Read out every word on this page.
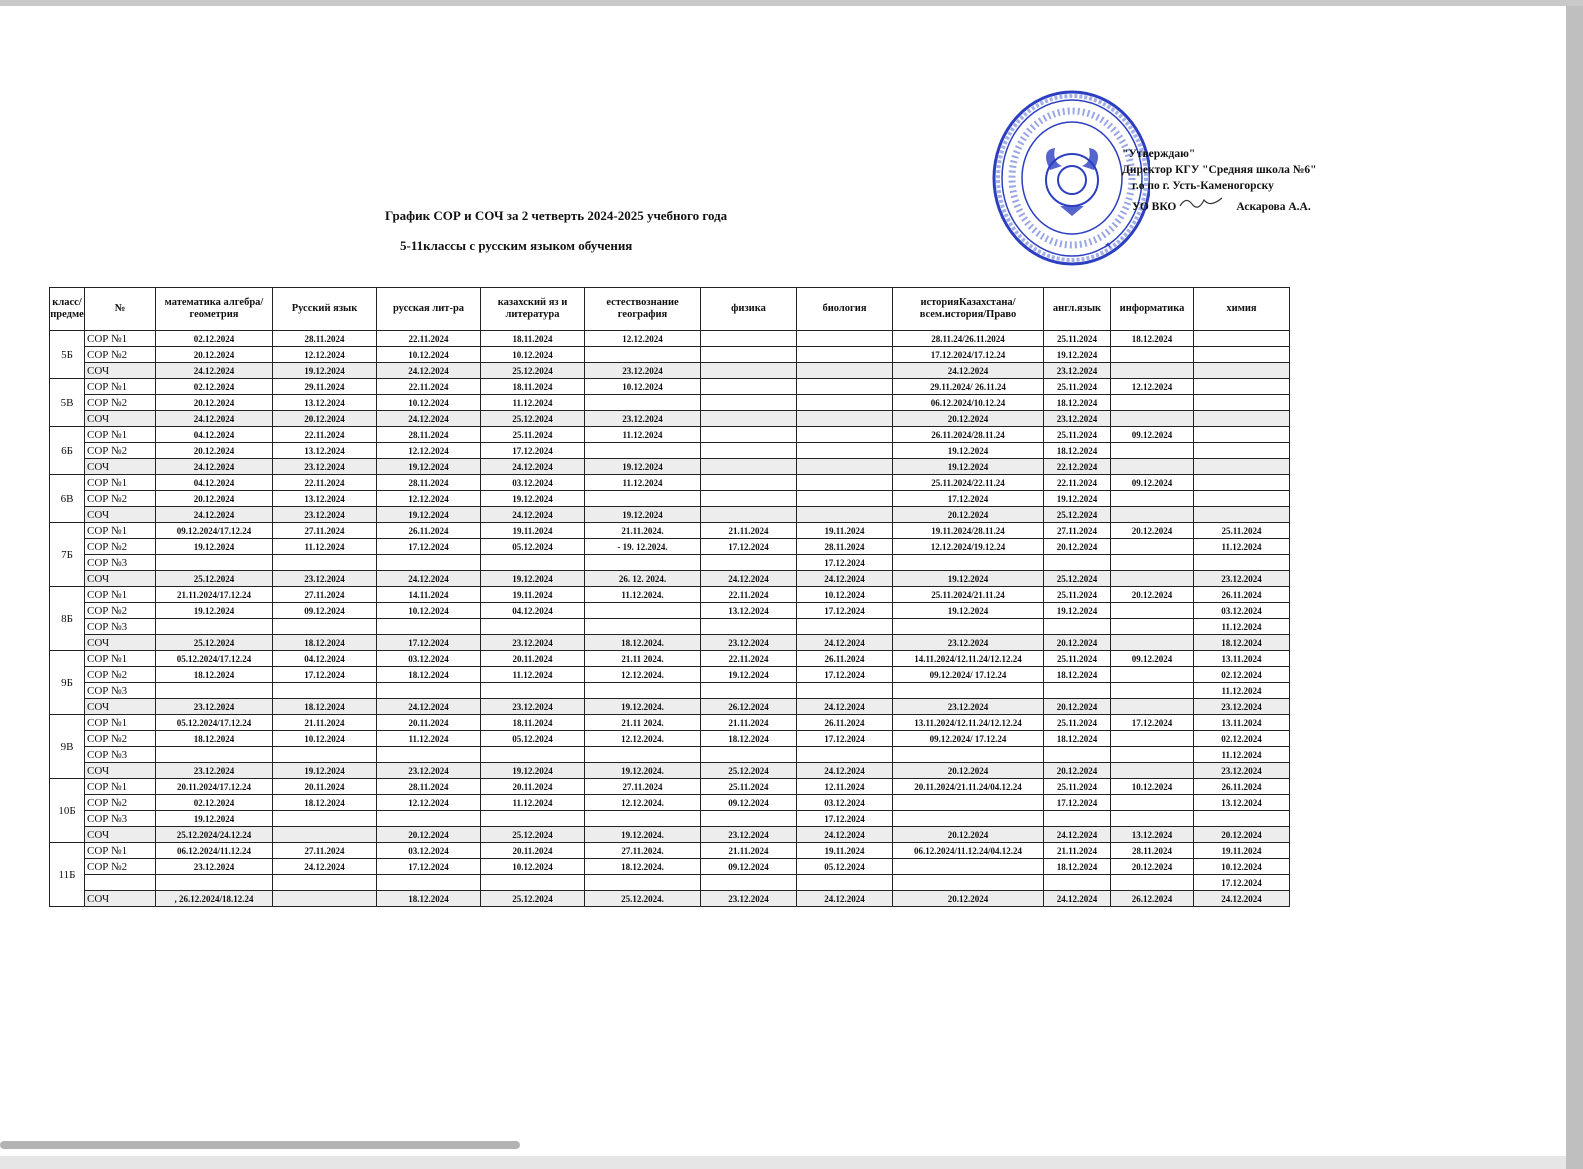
"Утверждаю"
Директор КГУ "Средняя школа №6"
г.о по г. Усть-Каменогорску
УО ВКО	Аскарова А.А.
График СОР и СОЧ за 2 четверть 2024-2025 учебного года
5-11классы с русским языком обучения
класс/предме	№	математика алгебра/ геометрия	Русский язык	русская лит-ра	казахский яз и литература	естествознание география	физика	биология	историяКазахстана/всем.история/Право	англ.язык	информатика	химия
5Б	СОР №1	02.12.2024	28.11.2024	22.11.2024	18.11.2024	12.12.2024			28.11.24/26.11.2024	25.11.2024	18.12.2024	
	СОР №2	20.12.2024	12.12.2024	10.12.2024	10.12.2024				17.12.2024/17.12.24	19.12.2024		
	СОЧ	24.12.2024	19.12.2024	24.12.2024	25.12.2024	23.12.2024			24.12.2024	23.12.2024		
5В	СОР №1	02.12.2024	29.11.2024	22.11.2024	18.11.2024	10.12.2024			29.11.2024/ 26.11.24	25.11.2024	12.12.2024	
	СОР №2	20.12.2024	13.12.2024	10.12.2024	11.12.2024				06.12.2024/10.12.24	18.12.2024		
	СОЧ	24.12.2024	20.12.2024	24.12.2024	25.12.2024	23.12.2024			20.12.2024	23.12.2024		
6Б	СОР №1	04.12.2024	22.11.2024	28.11.2024	25.11.2024	11.12.2024			26.11.2024/28.11.24	25.11.2024	09.12.2024	
	СОР №2	20.12.2024	13.12.2024	12.12.2024	17.12.2024				19.12.2024	18.12.2024		
	СОЧ	24.12.2024	23.12.2024	19.12.2024	24.12.2024	19.12.2024			19.12.2024	22.12.2024		
6В	СОР №1	04.12.2024	22.11.2024	28.11.2024	03.12.2024	11.12.2024			25.11.2024/22.11.24	22.11.2024	09.12.2024	
	СОР №2	20.12.2024	13.12.2024	12.12.2024	19.12.2024				17.12.2024	19.12.2024		
	СОЧ	24.12.2024	23.12.2024	19.12.2024	24.12.2024	19.12.2024			20.12.2024	25.12.2024		
7Б	СОР №1	09.12.2024/17.12.24	27.11.2024	26.11.2024	19.11.2024	21.11.2024.	21.11.2024	19.11.2024	19.11.2024/28.11.24	27.11.2024	20.12.2024	25.11.2024
	СОР №2	19.12.2024	11.12.2024	17.12.2024	05.12.2024	- 19. 12.2024.	17.12.2024	28.11.2024	12.12.2024/19.12.24	20.12.2024		11.12.2024
	СОР №3							17.12.2024				
	СОЧ	25.12.2024	23.12.2024	24.12.2024	19.12.2024	26. 12. 2024.	24.12.2024	24.12.2024	19.12.2024	25.12.2024		23.12.2024
8Б	СОР №1	21.11.2024/17.12.24	27.11.2024	14.11.2024	19.11.2024	11.12.2024.	22.11.2024	10.12.2024	25.11.2024/21.11.24	25.11.2024	20.12.2024	26.11.2024
	СОР №2	19.12.2024	09.12.2024	10.12.2024	04.12.2024		13.12.2024	17.12.2024	19.12.2024	19.12.2024		03.12.2024
	СОР №3											11.12.2024
	СОЧ	25.12.2024	18.12.2024	17.12.2024	23.12.2024	18.12.2024.	23.12.2024	24.12.2024	23.12.2024	20.12.2024		18.12.2024
9Б	СОР №1	05.12.2024/17.12.24	04.12.2024	03.12.2024	20.11.2024	21.11 2024.	22.11.2024	26.11.2024	14.11.2024/12.11.24/12.12.24	25.11.2024	09.12.2024	13.11.2024
	СОР №2	18.12.2024	17.12.2024	18.12.2024	11.12.2024	12.12.2024.	19.12.2024	17.12.2024	09.12.2024/ 17.12.24	18.12.2024		02.12.2024
	СОР №3											11.12.2024
	СОЧ	23.12.2024	18.12.2024	24.12.2024	23.12.2024	19.12.2024.	26.12.2024	24.12.2024	23.12.2024	20.12.2024		23.12.2024
9В	СОР №1	05.12.2024/17.12.24	21.11.2024	20.11.2024	18.11.2024	21.11 2024.	21.11.2024	26.11.2024	13.11.2024/12.11.24/12.12.24	25.11.2024	17.12.2024	13.11.2024
	СОР №2	18.12.2024	10.12.2024	11.12.2024	05.12.2024	12.12.2024.	18.12.2024	17.12.2024	09.12.2024/ 17.12.24	18.12.2024		02.12.2024
	СОР №3											11.12.2024
	СОЧ	23.12.2024	19.12.2024	23.12.2024	19.12.2024	19.12.2024.	25.12.2024	24.12.2024	20.12.2024	20.12.2024		23.12.2024
10Б	СОР №1	20.11.2024/17.12.24	20.11.2024	28.11.2024	20.11.2024	27.11.2024	25.11.2024	12.11.2024	20.11.2024/21.11.24/04.12.24	25.11.2024	10.12.2024	26.11.2024
	СОР №2	02.12.2024	18.12.2024	12.12.2024	11.12.2024	12.12.2024.	09.12.2024	03.12.2024		17.12.2024		13.12.2024
	СОР №3	19.12.2024						17.12.2024				
	СОЧ	25.12.2024/24.12.24		20.12.2024	25.12.2024	19.12.2024.	23.12.2024	24.12.2024	20.12.2024	24.12.2024	13.12.2024	20.12.2024
11Б	СОР №1	06.12.2024/11.12.24	27.11.2024	03.12.2024	20.11.2024	27.11.2024.	21.11.2024	19.11.2024	06.12.2024/11.12.24/04.12.24	21.11.2024	28.11.2024	19.11.2024
	СОР №2	23.12.2024	24.12.2024	17.12.2024	10.12.2024	18.12.2024.	09.12.2024	05.12.2024		18.12.2024	20.12.2024	10.12.2024
												17.12.2024
	СОЧ	, 26.12.2024/18.12.24		18.12.2024	25.12.2024	25.12.2024.	23.12.2024	24.12.2024	20.12.2024	24.12.2024	26.12.2024	24.12.2024
